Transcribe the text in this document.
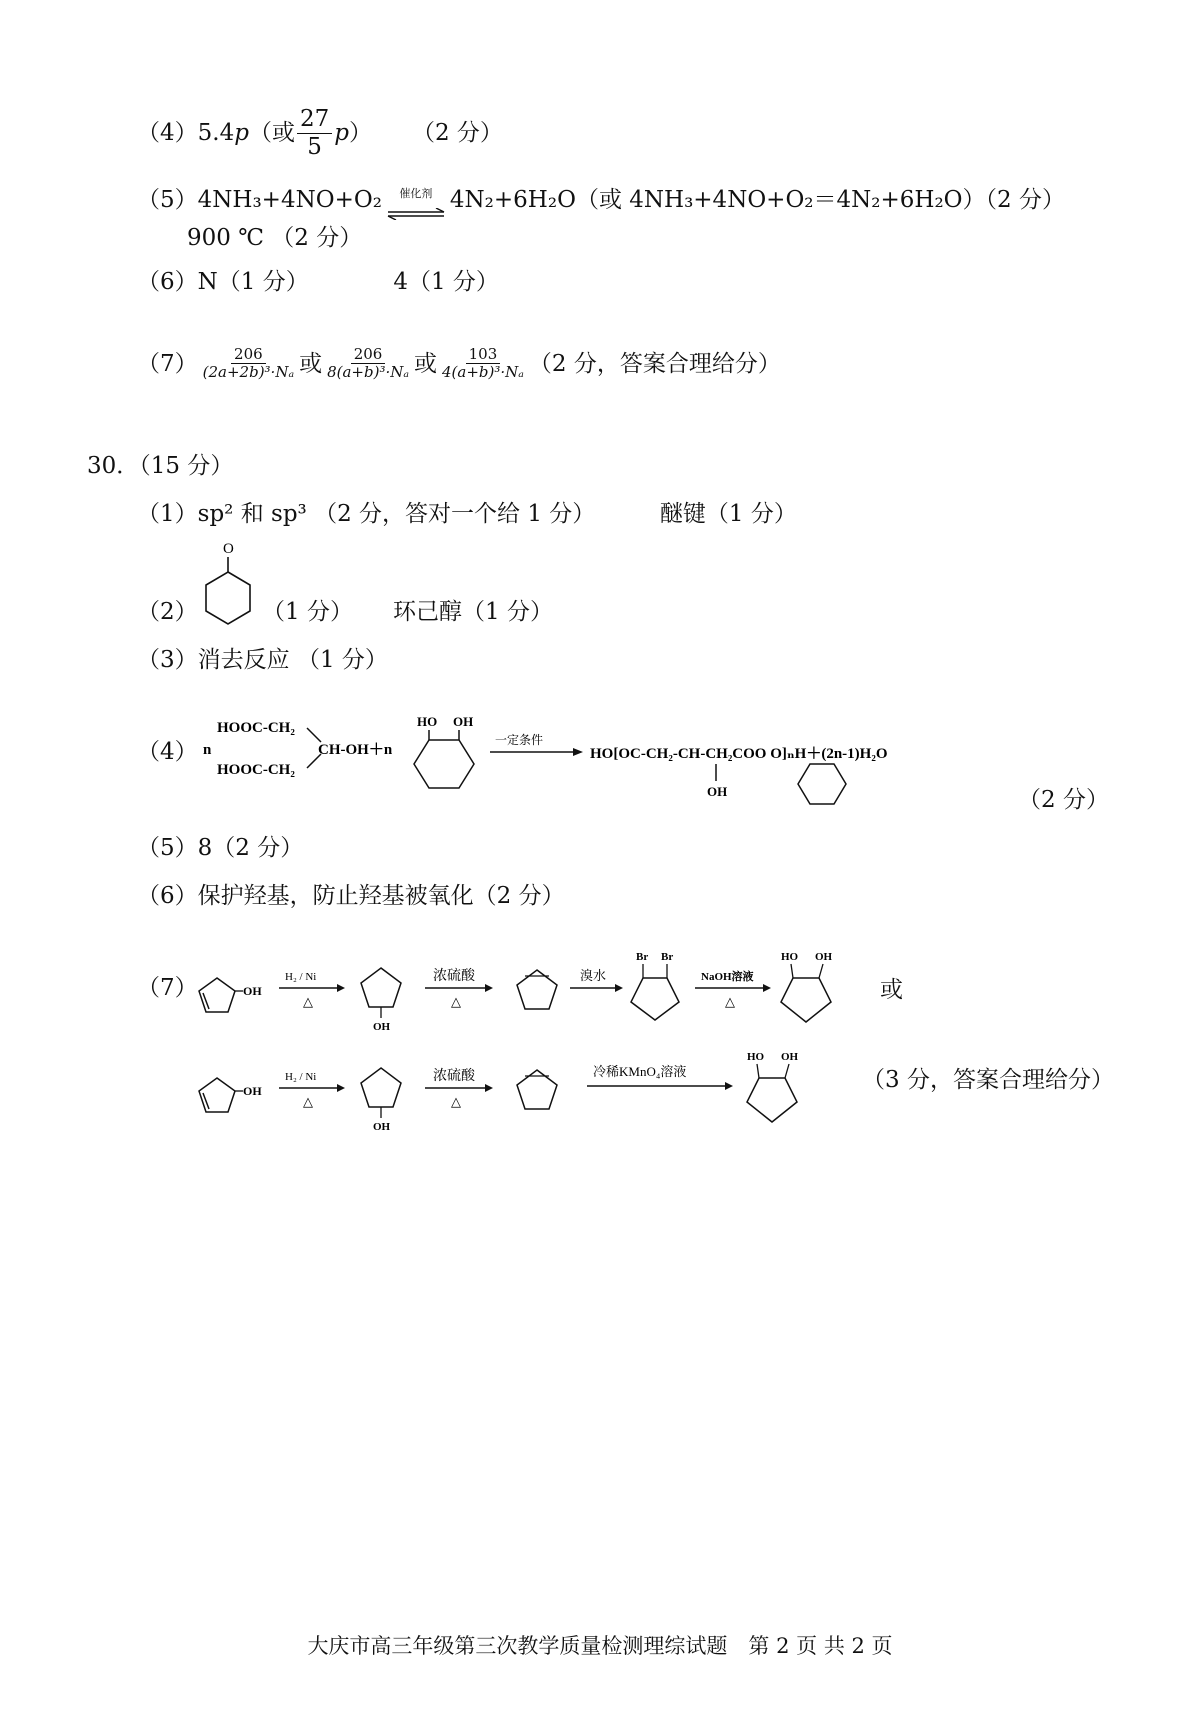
（4） 5.4 p （或 $\frac{27}{5}$ p ） （2 分）
（5） 4NH₃+4NO+O₂ 催化剂 4N₂+6H₂O（或 4NH₃+4NO+O₂＝4N₂+6H₂O）（2 分）
900 ℃ （2 分）
（6）N（1 分）	4（1 分）
$(7) \frac{206}{\text{(2a+2b)³·Nₐ}}$ 或 $\frac{206}{\text{8(a+b)³·Nₐ}}$ 或 $\frac{103}{\text{4(a+b)³·Nₐ}} (2$ 分，答案合理给分）
30．（15 分）
（1）sp² 和 sp³ （2 分，答对一个给 1 分）	醚键（1 分）
（2）
O
（1 分） 环己醇（1 分）
（3）消去反应 （1 分）
（4） n
HOOC-CH₂
HOOC-CH₂
CH-OH＋n
HO OH
一定条件
HO[OC-CH₂-CH-CH₂COO O]ₙH＋(2n-1)H₂O
OH	（2 分）
（5）8（2 分）
（6）保护羟基，防止羟基被氧化（2 分）
（7）	OH
H₂ / Ni
△
OH
浓硫酸
△
溴水
Br Br
NaOH溶液
△
HO OH
或
OH
H₂ / Ni
△
OH
浓硫酸
△
冷稀KMnO₄溶液
HO OH
（3 分，答案合理给分）
大庆市高三年级第三次教学质量检测理综试题　第 2 页 共 2 页
